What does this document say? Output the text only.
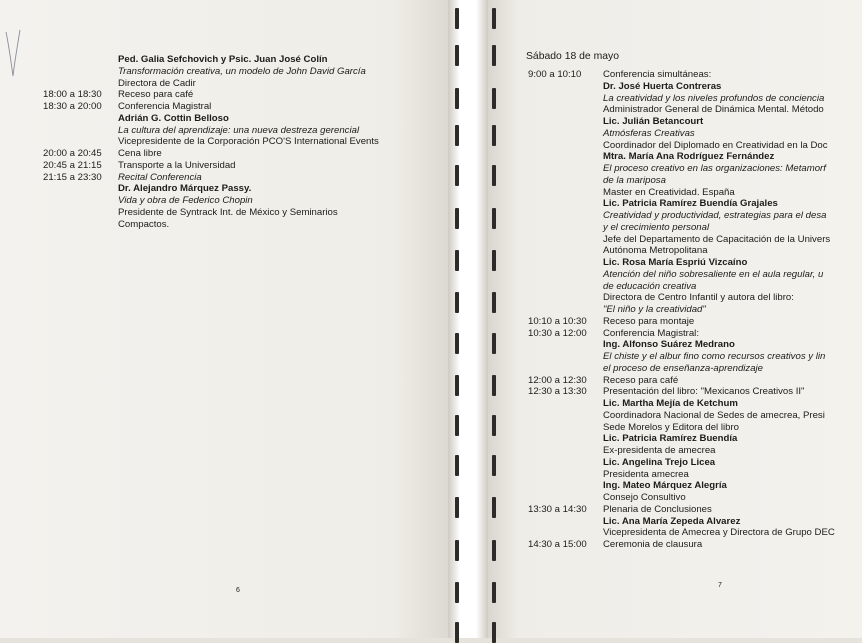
Ped. Galia Sefchovich y Psic. Juan José Colín
Transformación creativa, un modelo de John David García
Directora de Cadir
18:00 a 18:30 Receso para café
18:30 a 20:00 Conferencia Magistral
Adrián G. Cottin Belloso
La cultura del aprendizaje: una nueva destreza gerencial
Vicepresidente de la Corporación PCO'S International Events
20:00 a 20:45 Cena libre
20:45 a 21:15 Transporte a la Universidad
21:15 a 23:30 Recital Conferencia
Dr. Alejandro Márquez Passy.
Vida y obra de Federico Chopin
Presidente de Syntrack Int. de México y Seminarios
Compactos.
6
Sábado 18 de mayo
9:00 a 10:10 Conferencia simultáneas:
Dr. José Huerta Contreras
La creatividad y los niveles profundos de conciencia
Administrador General de Dinámica Mental. Método
Lic. Julián Betancourt
Atmósferas Creativas
Coordinador del Diplomado en Creatividad en la Doc
Mtra. María Ana Rodríguez Fernández
El proceso creativo en las organizaciones: Metamorf
de la mariposa
Master en Creatividad. España
Lic. Patricia Ramírez Buendía Grajales
Creatividad y productividad, estrategias para el desa
y el crecimiento personal
Jefe del Departamento de Capacitación de la Univers
Autónoma Metropolitana
Lic. Rosa María Espriú Vizcaíno
Atención del niño sobresaliente en el aula regular, u
de educación creativa
Directora de Centro Infantil y autora del libro:
"El niño y la creatividad"
10:10 a 10:30 Receso para montaje
10:30 a 12:00 Conferencia Magistral:
Ing. Alfonso Suárez Medrano
El chiste y el albur fino como recursos creativos y lin
el proceso de enseñanza-aprendizaje
12:00 a 12:30 Receso para café
12:30 a 13:30 Presentación del libro: "Mexicanos Creativos II"
Lic. Martha Mejía de Ketchum
Coordinadora Nacional de Sedes de amecrea, Presi
Sede Morelos y Editora del libro
Lic. Patricia Ramírez Buendía
Ex-presidenta de amecrea
Lic. Angelina Trejo Licea
Presidenta amecrea
Ing. Mateo Márquez Alegría
Consejo Consultivo
13:30 a 14:30 Plenaria de Conclusiones
Lic. Ana María Zepeda Alvarez
Vicepresidenta de Amecrea y Directora de Grupo DEC
14:30 a 15:00 Ceremonia de clausura
7
